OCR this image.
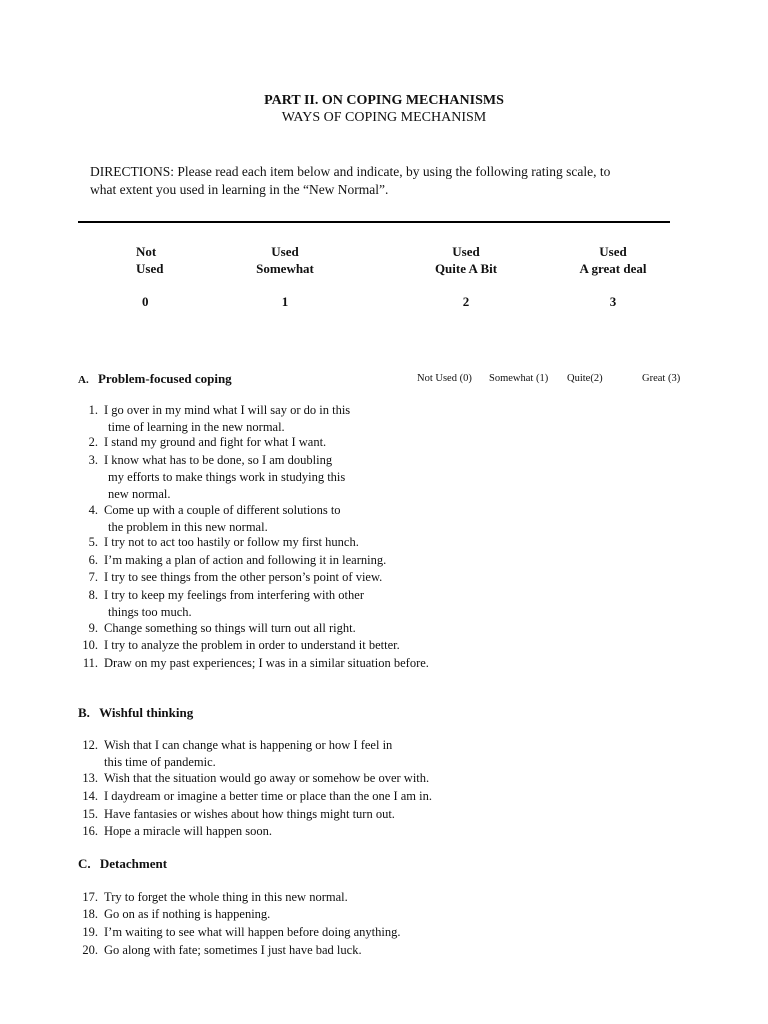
PART II. ON COPING MECHANISMS
WAYS OF COPING MECHANISM
DIRECTIONS: Please read each item below and indicate, by using the following rating scale, to
what extent you used in learning in the “New Normal”.
Not
Used
0
Used
Somewhat
1
Used
Quite A Bit
2
Used
A great deal
3
A. Problem-focused coping	Not Used (0) Somewhat (1) Quite(2)	Great (3)
1. I go over in my mind what I will say or do in this
time of learning in the new normal.
2. I stand my ground and fight for what I want.
3. I know what has to be done, so I am doubling
my efforts to make things work in studying this
new normal.
4. Come up with a couple of different solutions to
the problem in this new normal.
5. I try not to act too hastily or follow my first hunch.
6. I’m making a plan of action and following it in learning.
7. I try to see things from the other person’s point of view.
8. I try to keep my feelings from interfering with other
things too much.
9. Change something so things will turn out all right.
10. I try to analyze the problem in order to understand it better.
11. Draw on my past experiences; I was in a similar situation before.
B. Wishful thinking
12. Wish that I can change what is happening or how I feel in
this time of pandemic.
13. Wish that the situation would go away or somehow be over with.
14. I daydream or imagine a better time or place than the one I am in.
15. Have fantasies or wishes about how things might turn out.
16. Hope a miracle will happen soon.
C. Detachment
17. Try to forget the whole thing in this new normal.
18. Go on as if nothing is happening.
19. I’m waiting to see what will happen before doing anything.
20. Go along with fate; sometimes I just have bad luck.
